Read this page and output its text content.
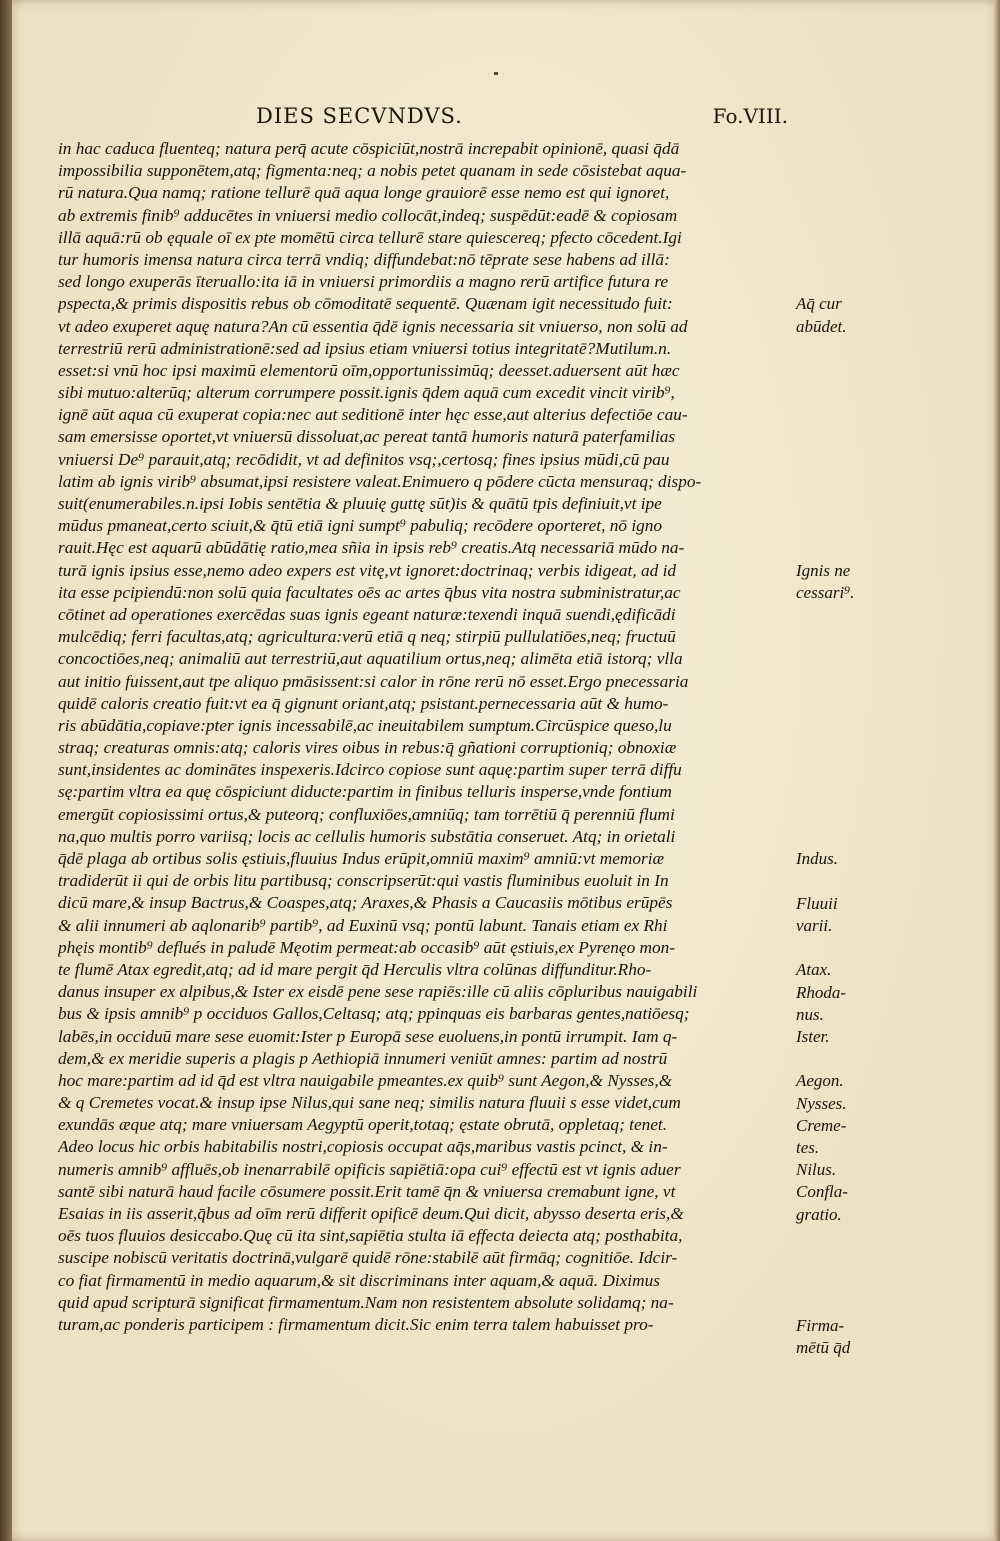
DIES SECVNDVS.	Fo.VIII.
in hac caduca fluenteq; natura perq̄ acute cōspiciūt,nostrā increpabit opinionē, quasi q̄dā
impossibilia supponētem,atq; figmenta:neq; a nobis petet quanam in sede cōsistebat aqua-
rū natura.Qua namq; ratione tellurē quā aqua longe grauiorē esse nemo est qui ignoret,
ab extremis finib⁹ adducētes in vniuersi medio collocāt,indeq; suspēdūt:eadē & copiosam
illā aquā:rū ob ęquale oī ex pte momētū circa tellurē stare quiescereq; pfecto cōcedent.Igi
tur humoris imensa natura circa terrā vndiq; diffundebat:nō tēprate sese habens ad illā:
sed longo exuperās īteruallo:ita iā in vniuersi primordiis a magno rerū artifice futura re
pspecta,& primis dispositis rebus ob cōmoditatē sequentē. Quænam igit necessitudo fuit:
vt adeo exuperet aquę natura?An cū essentia q̄dē ignis necessaria sit vniuerso, non solū ad
terrestriū rerū administrationē:sed ad ipsius etiam vniuersi totius integritatē?Mutilum.n.
esset:si vnū hoc ipsi maximū elementorū oīm,opportunissimūq; deesset.aduersent aūt hæc
sibi mutuo:alterūq; alterum corrumpere possit.ignis q̄dem aquā cum excedit vincit virib⁹,
ignē aūt aqua cū exuperat copia:nec aut seditionē inter hęc esse,aut alterius defectiōe cau-
sam emersisse oportet,vt vniuersū dissoluat,ac pereat tantā humoris naturā paterfamilias
vniuersi De⁹ parauit,atq; recōdidit, vt ad definitos vsq;,certosq; fines ipsius mūdi,cū pau
latim ab ignis virib⁹ absumat,ipsi resistere valeat.Enimuero q pōdere cūcta mensuraq; dispo-
suit(enumerabiles.n.ipsi Iobis sentētia & pluuię guttę sūt)is & quātū tpis definiuit,vt ipe
mūdus pmaneat,certo sciuit,& q̄tū etiā igni sumpt⁹ pabuliq; recōdere oporteret, nō igno
rauit.Hęc est aquarū abūdātię ratio,mea sñia in ipsis reb⁹ creatis.Atq necessariā mūdo na-
turā ignis ipsius esse,nemo adeo expers est vitę,vt ignoret:doctrinaq; verbis idigeat, ad id
ita esse pcipiendū:non solū quia facultates oēs ac artes q̄bus vita nostra subministratur,ac
cōtinet ad operationes exercēdas suas ignis egeant naturæ:texendi inquā suendi,ędificādi
mulcēdiq; ferri facultas,atq; agricultura:verū etiā q neq; stirpiū pullulatiōes,neq; fructuū
concoctiōes,neq; animaliū aut terrestriū,aut aquatilium ortus,neq; alimēta etiā istorq; vlla
aut initio fuissent,aut tpe aliquo pmāsissent:si calor in rōne rerū nō esset.Ergo pnecessaria
quidē caloris creatio fuit:vt ea q̄ gignunt oriant,atq; psistant.pernecessaria aūt & humo-
ris abūdātia,copiave:pter ignis incessabilē,ac ineuitabilem sumptum.Circūspice queso,lu
straq; creaturas omnis:atq; caloris vires oibus in rebus:q̄ gñationi corruptioniq; obnoxiæ
sunt,insidentes ac dominātes inspexeris.Idcirco copiose sunt aquę:partim super terrā diffu
sę:partim vltra ea quę cōspiciunt diducte:partim in finibus telluris insperse,vnde fontium
emergūt copiosissimi ortus,& puteorq; confluxiōes,amniūq; tam torrētiū q̄ perenniū flumi
na,quo multis porro variisq; locis ac cellulis humoris substātia conseruet. Atq; in orietali
q̄dē plaga ab ortibus solis ęstiuis,fluuius Indus erūpit,omniū maxim⁹ amniū:vt memoriæ
tradiderūt ii qui de orbis litu partibusq; conscripserūt:qui vastis fluminibus euoluit in In
dicū mare,& insup Bactrus,& Coaspes,atq; Araxes,& Phasis a Caucasiis mōtibus erūpēs
& alii innumeri ab aqlonarib⁹ partib⁹, ad Euxinū vsq; pontū labunt. Tanais etiam ex Rhi
phęis montib⁹ deflués in paludē Męotim permeat:ab occasib⁹ aūt ęstiuis,ex Pyrenęo mon-
te flumē Atax egredit,atq; ad id mare pergit q̄d Herculis vltra colūnas diffunditur.Rho-
danus insuper ex alpibus,& Ister ex eisdē pene sese rapiēs:ille cū aliis cōpluribus nauigabili
bus & ipsis amnib⁹ p occiduos Gallos,Celtasq; atq; ppinquas eis barbaras gentes,natiōesq;
labēs,in occiduū mare sese euomit:Ister p Europā sese euoluens,in pontū irrumpit. Iam q-
dem,& ex meridie superis a plagis p Aethiopiā innumeri veniūt amnes: partim ad nostrū
hoc mare:partim ad id q̄d est vltra nauigabile pmeantes.ex quib⁹ sunt Aegon,& Nysses,&
& q Cremetes vocat.& insup ipse Nilus,qui sane neq; similis natura fluuii s esse videt,cum
exundās æque atq; mare vniuersam Aegyptū operit,totaq; ęstate obrutā, oppletaq; tenet.
Adeo locus hic orbis habitabilis nostri,copiosis occupat aq̄s,maribus vastis pcinct, & in-
numeris amnib⁹ affluēs,ob inenarrabilē opificis sapiētiā:opa cui⁹ effectū est vt ignis aduer
santē sibi naturā haud facile cōsumere possit.Erit tamē q̄n & vniuersa cremabunt igne, vt
Esaias in iis asserit,q̄bus ad oīm rerū differit opificē deum.Qui dicit, abysso deserta eris,&
oēs tuos fluuios desiccabo.Quę cū ita sint,sapiētia stulta iā effecta deiecta atq; posthabita,
suscipe nobiscū veritatis doctrinā,vulgarē quidē rōne:stabilē aūt firmāq; cognitiōe. Idcir-
co fiat firmamentū in medio aquarum,& sit discriminans inter aquam,& aquā. Diximus
quid apud scripturā significat firmamentum.Nam non resistentem absolute solidamq; na-
turam,ac ponderis participem : firmamentum dicit.Sic enim terra talem habuisset pro-
Aq̄ cur
abūdet.
Ignis ne
cessari⁹.
Indus.
Fluuii
varii.
Atax.
Rhoda-
nus.
Ister.
Aegon.
Nysses.
Creme-
tes.
Nilus.
Confla-
gratio.
Firma-
mētū q̄d
